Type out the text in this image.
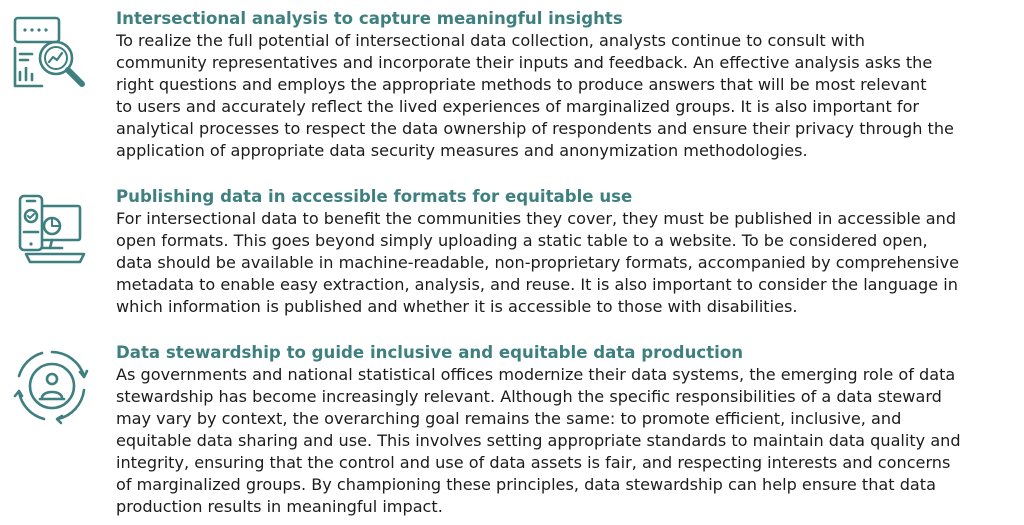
Intersectional analysis to capture meaningful insights

To realize the full potential of intersectional data collection, analysts continue to consult with
community representatives and incorporate their inputs and feedback. An effective analysis asks the
right questions and employs the appropriate methods to produce answers that will be most relevant
to users and accurately reflect the lived experiences of marginalized groups. It is also important for
analytical processes to respect the data ownership of respondents and ensure their privacy through the
application of appropriate data security measures and anonymization methodologies.

Publishing data in accessible formats for equitable use

For intersectional data to benefit the communities they cover, they must be published in accessible and
open formats. This goes beyond simply uploading a static table to a website. To be considered open,
data should be available in machine-readable, non-proprietary formats, accompanied by comprehensive
metadata to enable easy extraction, analysis, and reuse. It is also important to consider the language in
which information is published and whether it is accessible to those with disabilities.

Data stewardship to guide inclusive and equitable data production

As governments and national statistical offices modernize their data systems, the emerging role of data
stewardship has become increasingly relevant. Although the specific responsibilities of a data steward
may vary by context, the overarching goal remains the same: to promote efficient, inclusive, and
equitable data sharing and use. This involves setting appropriate standards to maintain data quality and
integrity, ensuring that the control and use of data assets is fair, and respecting interests and concerns
of marginalized groups. By championing these principles, data stewardship can help ensure that data
production results in meaningful impact.
